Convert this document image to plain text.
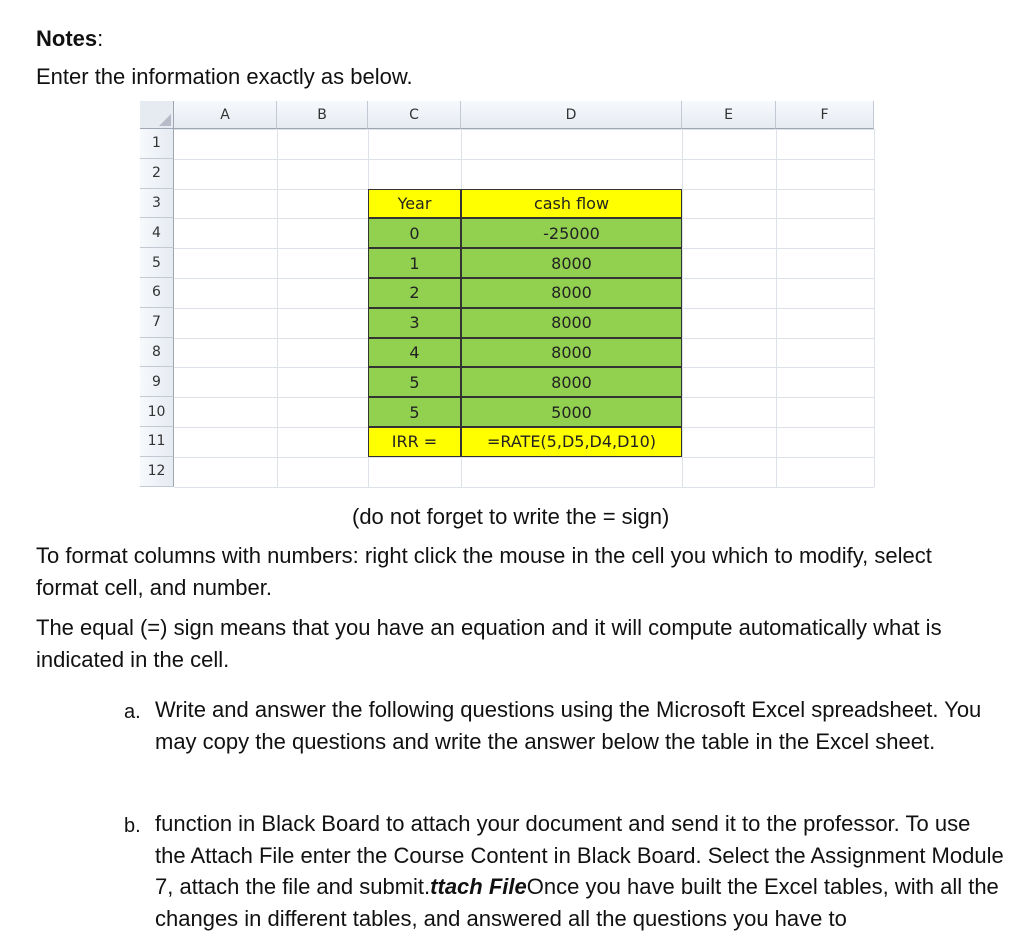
Notes:
Enter the information exactly as below.
A	B	C	D	E	F
1
2
3
4
5
6
7
8
9
10
11
12
Year	cash flow
0	-25000
1	8000
2	8000
3	8000
4	8000
5	8000
5	5000
IRR =	=RATE(5,D5,D4,D10)
(do not forget to write the = sign)
To format columns with numbers: right click the mouse in the cell you which to modify, select format cell, and number.
The equal (=) sign means that you have an equation and it will compute automatically what is indicated in the cell.
a. Write and answer the following questions using the Microsoft Excel spreadsheet. You may copy the questions and write the answer below the table in the Excel sheet.
b. function in Black Board to attach your document and send it to the professor. To use the Attach File enter the Course Content in Black Board. Select the Assignment Module 7, attach the file and submit.ttach FileOnce you have built the Excel tables, with all the changes in different tables, and answered all the questions you have to
